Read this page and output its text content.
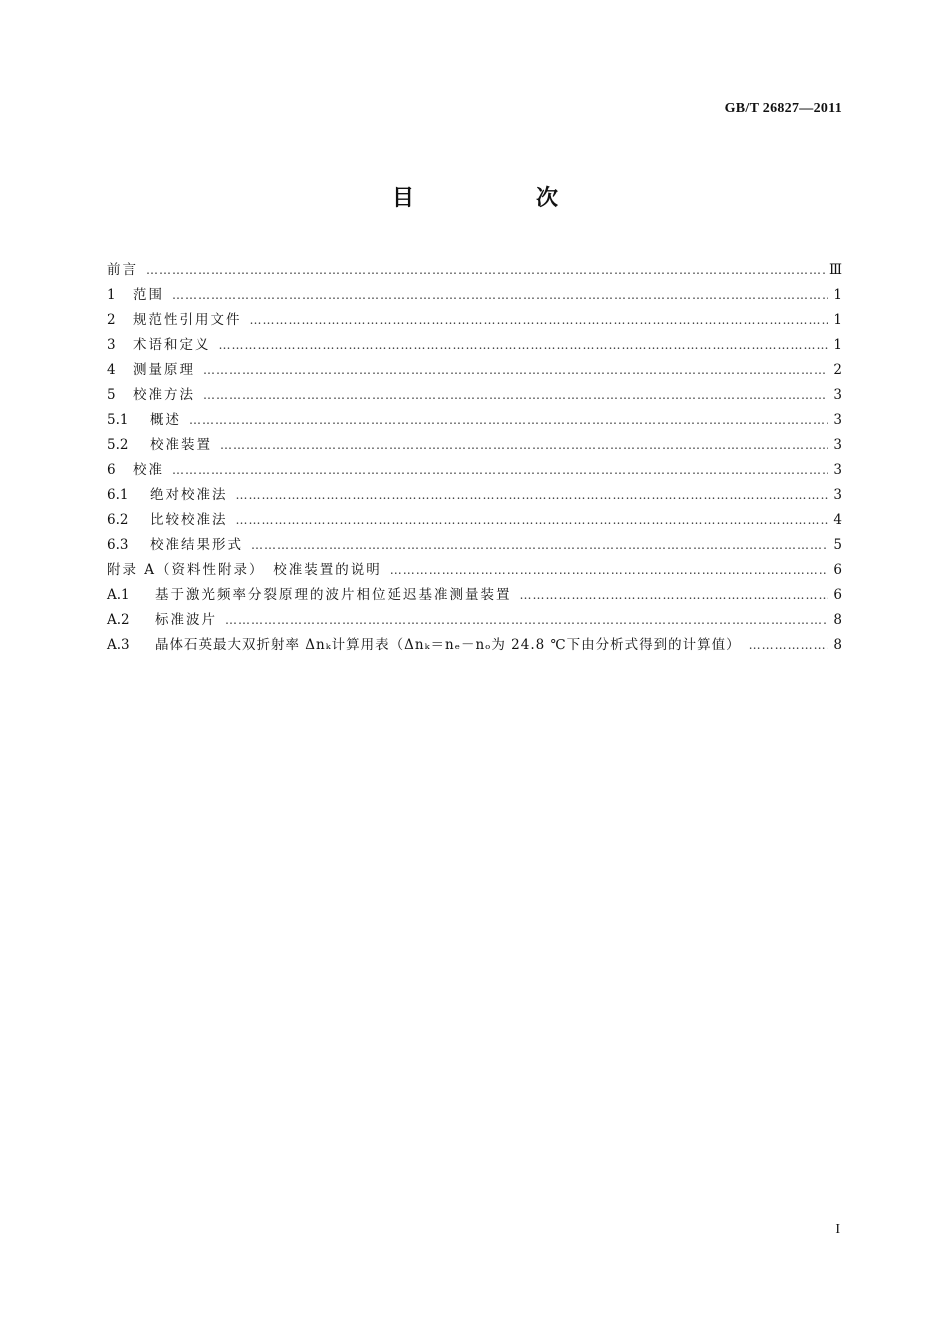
GB/T 26827—2011
目　次
前言 ……………………………………………………………………………………………………………………………………………………………………………	Ⅲ
1	范围 ……………………………………………………………………………………………………………………………………………………………………………	1
2	规范性引用文件 ……………………………………………………………………………………………………………………………………………………………………………	1
3	术语和定义 ……………………………………………………………………………………………………………………………………………………………………………	1
4	测量原理 ……………………………………………………………………………………………………………………………………………………………………………	2
5	校准方法 ……………………………………………………………………………………………………………………………………………………………………………	3
5.1	概述 ……………………………………………………………………………………………………………………………………………………………………………	3
5.2	校准装置 ……………………………………………………………………………………………………………………………………………………………………………	3
6	校准 ……………………………………………………………………………………………………………………………………………………………………………	3
6.1	绝对校准法 ……………………………………………………………………………………………………………………………………………………………………………	3
6.2	比较校准法 ……………………………………………………………………………………………………………………………………………………………………………	4
6.3	校准结果形式 ……………………………………………………………………………………………………………………………………………………………………………	5
附录 A（资料性附录）　校准装置的说明 ……………………………………………………………………………………………………………………………………………………………………………	6
A.1	基于激光频率分裂原理的波片相位延迟基准测量装置 ……………………………………………………………………………………………………………………………………………………………………………	6
A.2	标准波片 ……………………………………………………………………………………………………………………………………………………………………………	8
A.3	晶体石英最大双折射率 Δnₖ计算用表（Δnₖ＝nₑ－nₒ为 24.8 ℃下由分析式得到的计算值） ……………………………………………………………………………………………………………………………………………………………………………	8
I
